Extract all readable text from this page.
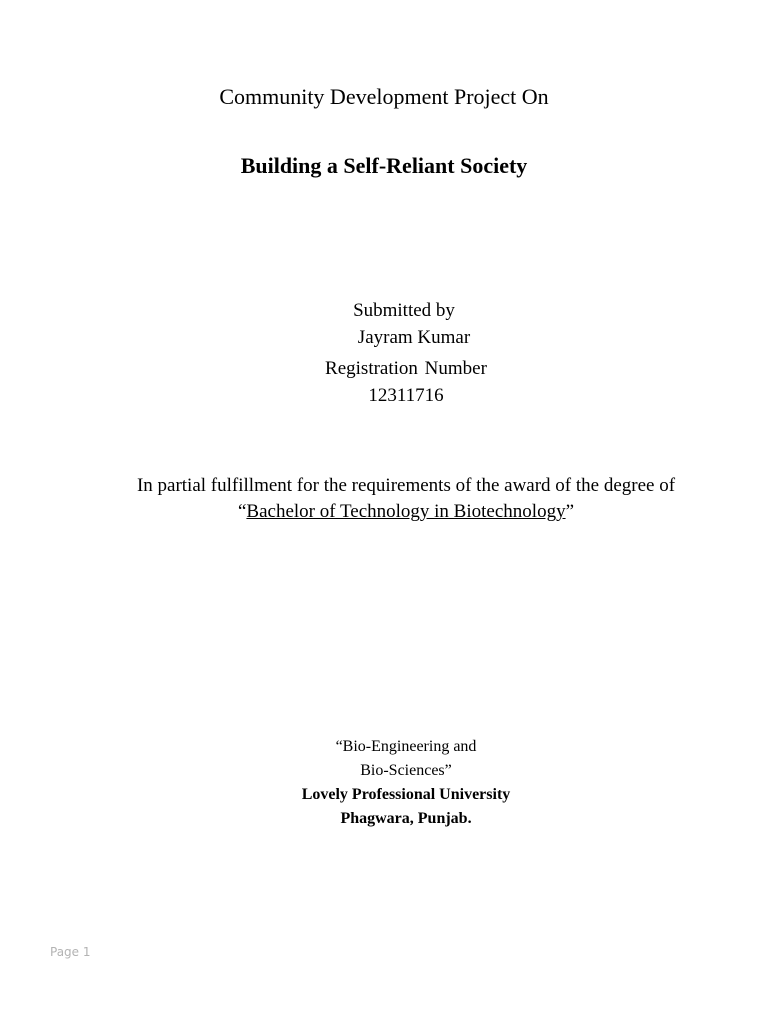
Community Development Project On
Building a Self-Reliant Society
Submitted by
Jayram Kumar
Registration Number
12311716
In partial fulfillment for the requirements of the award of the degree of
“Bachelor of Technology in Biotechnology”
“Bio-Engineering and
Bio-Sciences”
Lovely Professional University
Phagwara, Punjab.
Page 1
